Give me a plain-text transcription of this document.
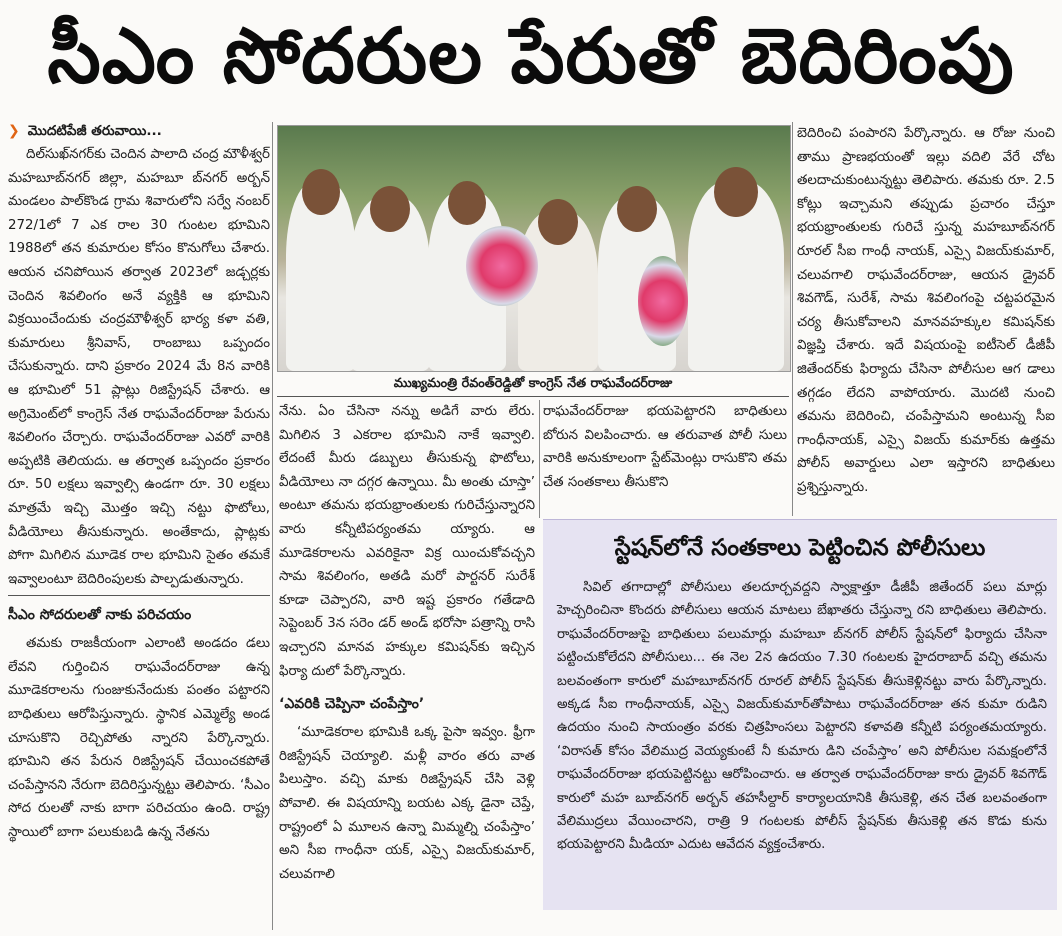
సీఎం సోదరుల పేరుతో బెదిరింపు
❯ మొదటిపేజీ తరువాయి...

దిల్‌సుఖ్‌నగర్‌కు చెందిన పాలాది చంద్ర మౌళీశ్వర్ మహబూబ్‌నగర్ జిల్లా, మహబూ బ్‌నగర్ అర్బన్ మండలం పాల్‌కొండ గ్రామ శివారులోని సర్వే నంబర్ 272/1లో 7 ఎక రాల 30 గుంటల భూమిని 1988లో తన కుమారుల కోసం కొనుగోలు చేశారు. ఆయన చనిపోయిన తర్వాత 2023లో జడ్చర్లకు చెందిన శివలింగం అనే వ్యక్తికి ఆ భూమిని విక్రయించేందుకు చంద్రమౌళీశ్వర్ భార్య కళా వతి, కుమారులు శ్రీనివాస్, రాంబాబు ఒప్పందం చేసుకున్నారు. దాని ప్రకారం 2024 మే 8న వారికి ఆ భూమిలో 51 ప్లాట్లు రిజిస్ట్రేషన్ చేశారు. ఆ అగ్రిమెంట్‌లో కాంగ్రెస్ నేత రాఘవేందర్‌రాజు పేరును శివలింగం చేర్చారు. రాఘవేందర్‌రాజు ఎవరో వారికి అప్పటికి తెలియదు. ఆ తర్వాత ఒప్పందం ప్రకారం రూ. 50 లక్షలు ఇవ్వాల్సి ఉండగా రూ. 30 లక్షలు మాత్రమే ఇచ్చి మొత్తం ఇచ్చి నట్టు ఫొటోలు, వీడియోలు తీసుకున్నారు. అంతేకాదు, ప్లాట్లకు పోగా మిగిలిన మూడెక రాల భూమిని సైతం తమకే ఇవ్వాలంటూ బెదిరింపులకు పాల్పడుతున్నారు.

సీఎం సోదరులతో నాకు పరిచయం

తమకు రాజకీయంగా ఎలాంటి అండదం డలు లేవని గుర్తించిన రాఘవేందర్‌రాజు ఉన్న మూడెకరాలను గుంజుకునేందుకు పంతం పట్టారని బాధితులు ఆరోపిస్తున్నారు. స్థానిక ఎమ్మెల్యే అండ చూసుకొని రెచ్చిపోతు న్నారని పేర్కొన్నారు. భూమిని తన పేరున రిజిస్ట్రేషన్ చేయించకపోతే చంపేస్తానని నేరుగా బెదిరిస్తున్నట్టు తెలిపారు. ‘సీఎం సోద రులతో నాకు బాగా పరిచయం ఉంది. రాష్ట్ర స్థాయిలో బాగా పలుకుబడి ఉన్న నేతను

ముఖ్యమంత్రి రేవంత్‌రెడ్డితో కాంగ్రెస్ నేత రాఘవేందర్‌రాజు

నేను. ఏం చేసినా నన్ను అడిగే వారు లేరు. మిగిలిన 3 ఎకరాల భూమిని నాకే ఇవ్వాలి. లేదంటే మీరు డబ్బులు తీసుకున్న ఫొటోలు, వీడియోలు నా దగ్గర ఉన్నాయి. మీ అంతు చూస్తా’ అంటూ తమను భయభ్రాంతులకు గురిచేస్తున్నారని వారు కన్నీటిపర్యంతమ య్యారు. ఆ మూడెకరాలను ఎవరికైనా విక్ర యించుకోవచ్చని సామ శివలింగం, అతడి మరో పార్టనర్ సురేశ్ కూడా చెప్పారని, వారి ఇష్ట ప్రకారం గతేడాది సెప్టెంబర్ 3న సరెం డర్ అండ్ భరోసా పత్రాన్ని రాసి ఇచ్చారని మానవ హక్కుల కమిషన్‌కు ఇచ్చిన ఫిర్యా దులో పేర్కొన్నారు.

‘ఎవరికి చెప్పినా చంపేస్తాం’

‘మూడెకరాల భూమికి ఒక్క పైసా ఇవ్వం. ఫ్రీగా రిజిస్ట్రేషన్ చెయ్యాలి. మళ్లీ వారం తరు వాత పిలుస్తాం. వచ్చి మాకు రిజిస్ట్రేషన్ చేసి వెళ్లి పోవాలి. ఈ విషయాన్ని బయట ఎక్క డైనా చెప్తే, రాష్ట్రంలో ఏ మూలన ఉన్నా మిమ్మల్ని చంపేస్తాం’ అని సీఐ గాంధీనా యక్, ఎస్సై విజయ్‌కుమార్, చలువగాలి

రాఘవేందర్‌రాజు భయపెట్టారని బాధితులు బోరున విలపించారు. ఆ తరువాత పోలీ సులు వారికి అనుకూలంగా స్టేట్‌మెంట్లు రాసుకొని తమ చేత సంతకాలు తీసుకొని

బెదిరించి పంపారని పేర్కొన్నారు. ఆ రోజు నుంచి తాము ప్రాణభయంతో ఇల్లు వదిలి వేరే చోట తలదాచుకుంటున్నట్టు తెలిపారు. తమకు రూ. 2.5 కోట్లు ఇచ్చామని తప్పుడు ప్రచారం చేస్తూ భయభ్రాంతులకు గురిచే స్తున్న మహబూబ్‌నగర్ రూరల్ సీఐ గాంధీ నాయక్, ఎస్సై విజయ్‌కుమార్, చలువగాలి రాఘవేందర్‌రాజు, ఆయన డ్రైవర్ శివగౌడ్, సురేశ్, సామ శివలింగంపై చట్టపరమైన చర్య తీసుకోవాలని మానవహక్కుల కమిషన్‌కు విజ్ఞప్తి చేశారు. ఇదే విషయంపై ఐటీసెల్ డీజీపీ జితేందర్‌కు ఫిర్యాదు చేసినా పోలీసుల ఆగ డాలు తగ్గడం లేదని వాపోయారు. మొదటి నుంచి తమను బెదిరించి, చంపేస్తామని అంటున్న సీఐ గాంధీనాయక్, ఎస్సై విజయ్ కుమార్‌కు ఉత్తమ పోలీస్ అవార్డులు ఎలా ఇస్తారని బాధితులు ప్రశ్నిస్తున్నారు.

స్టేషన్‌లోనే సంతకాలు పెట్టించిన పోలీసులు

సివిల్ తగాదాల్లో పోలీసులు తలదూర్చవద్దని స్వాక్షాత్తూ డీజీపీ జితేందర్ పలు మార్లు హెచ్చరించినా కొందరు పోలీసులు ఆయన మాటలు బేఖాతరు చేస్తున్నా రని బాధితులు తెలిపారు. రాఘవేందర్‌రాజుపై బాధితులు పలుమార్లు మహబూ బ్‌నగర్ పోలీస్ స్టేషన్‌లో ఫిర్యాదు చేసినా పట్టించుకోలేదని పోలీసులు... ఈ నెల 2న ఉదయం 7.30 గంటలకు హైదరాబాద్ వచ్చి తమను బలవంతంగా కారులో మహబూబ్‌నగర్ రూరల్ పోలీస్ స్టేషన్‌కు తీసుకెళ్లినట్టు వారు పేర్కొన్నారు. అక్కడ సీఐ గాంధీనాయక్, ఎస్సై విజయ్‌కుమార్‌తోపాటు రాఘవేందర్‌రాజు తన కుమా రుడిని ఉదయం నుంచి సాయంత్రం వరకు చిత్రహింసలు పెట్టారని కళావతి కన్నీటి పర్యంతమయ్యారు. ‘విరాసత్ కోసం వేలిముద్ర వెయ్యకుంటే నీ కుమారు డిని చంపేస్తాం’ అని పోలీసుల సమక్షంలోనే రాఘవేందర్‌రాజు భయపెట్టినట్టు ఆరోపించారు. ఆ తర్వాత రాఘవేందర్‌రాజు కారు డ్రైవర్ శివగౌడ్ కారులో మహ బూబ్‌నగర్ అర్బన్ తహసీల్దార్ కార్యాలయానికి తీసుకెళ్లి, తన చేత బలవంతంగా వేలిముద్రలు వేయించారని, రాత్రి 9 గంటలకు పోలీస్ స్టేషన్‌కు తీసుకెళ్లి తన కొడు కును భయపెట్టారని మీడియా ఎదుట ఆవేదన వ్యక్తంచేశారు.
